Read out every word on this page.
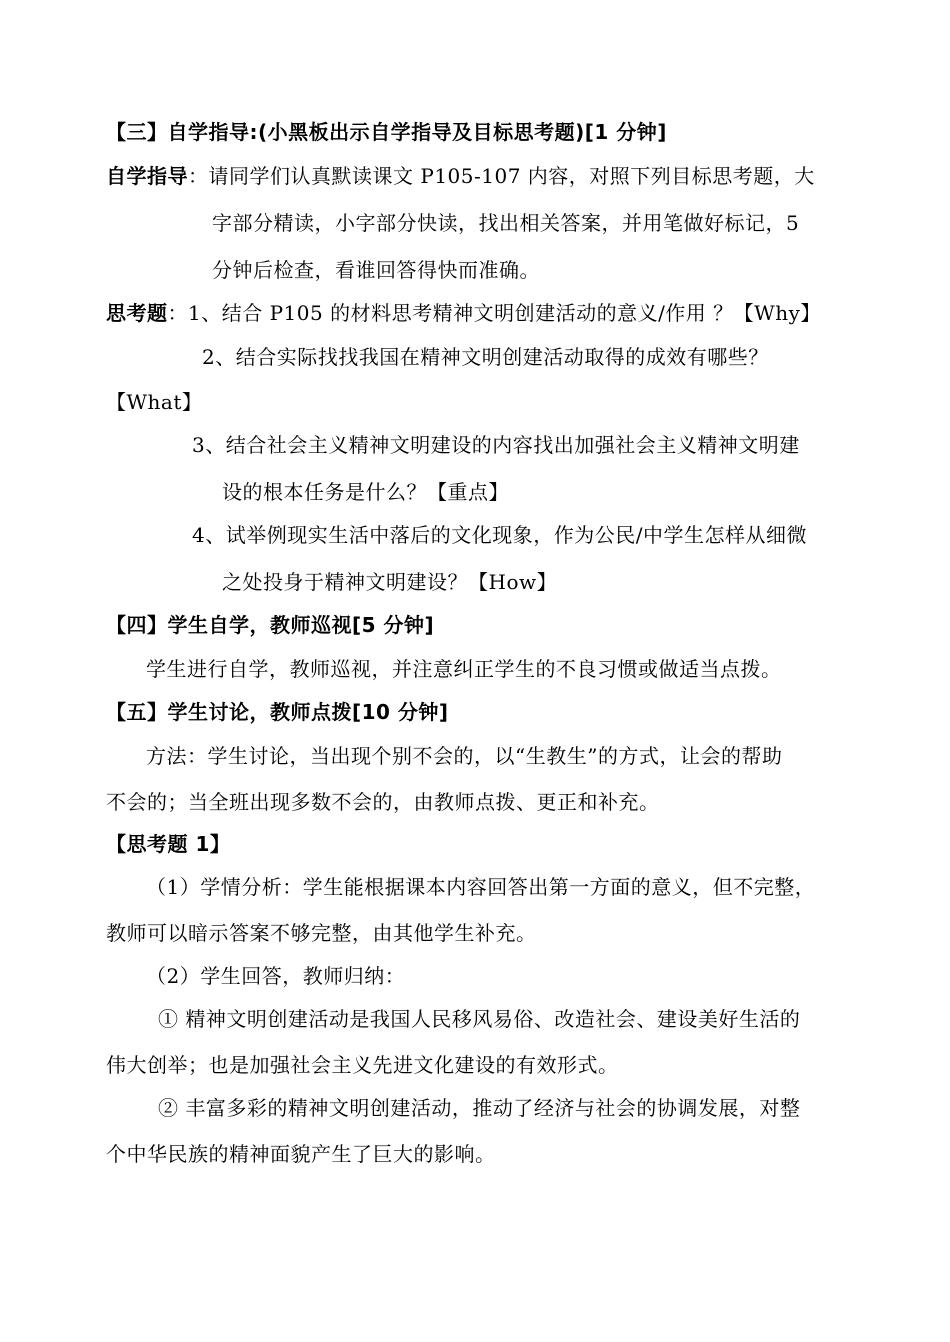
【三】自学指导:(小黑板出示自学指导及目标思考题)[1 分钟]
自学指导：请同学们认真默读课文 P105-107 内容，对照下列目标思考题，大
字部分精读，小字部分快读，找出相关答案，并用笔做好标记，5
分钟后检查，看谁回答得快而准确。
思考题：1、结合 P105 的材料思考精神文明创建活动的意义/作用 ？【Why】
2、结合实际找找我国在精神文明创建活动取得的成效有哪些？
【What】
3、结合社会主义精神文明建设的内容找出加强社会主义精神文明建
设的根本任务是什么？【重点】
4、试举例现实生活中落后的文化现象，作为公民/中学生怎样从细微
之处投身于精神文明建设？【How】
【四】学生自学，教师巡视[5 分钟]
学生进行自学，教师巡视，并注意纠正学生的不良习惯或做适当点拨。
【五】学生讨论，教师点拨[10 分钟]
方法：学生讨论，当出现个别不会的，以“生教生”的方式，让会的帮助
不会的；当全班出现多数不会的，由教师点拨、更正和补充。
【思考题 1】
（1）学情分析：学生能根据课本内容回答出第一方面的意义，但不完整，
教师可以暗示答案不够完整，由其他学生补充。
（2）学生回答，教师归纳：
① 精神文明创建活动是我国人民移风易俗、改造社会、建设美好生活的
伟大创举；也是加强社会主义先进文化建设的有效形式。
② 丰富多彩的精神文明创建活动，推动了经济与社会的协调发展，对整
个中华民族的精神面貌产生了巨大的影响。
